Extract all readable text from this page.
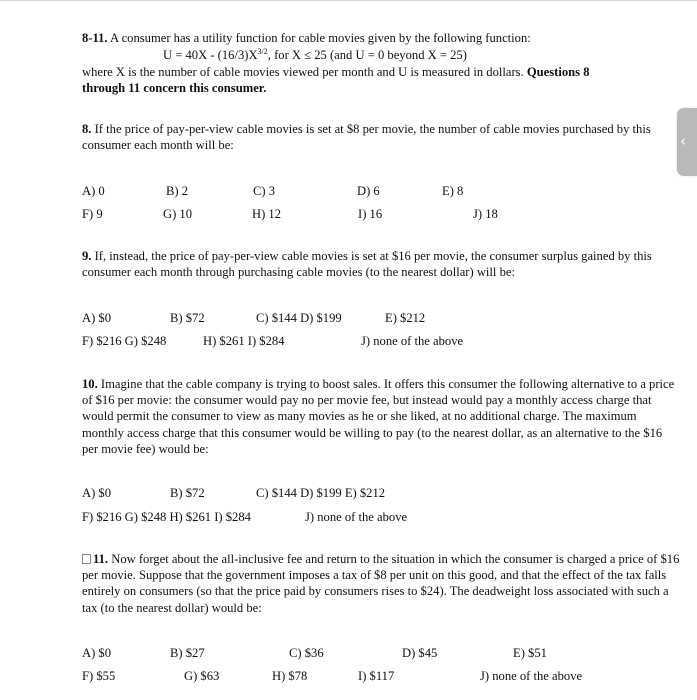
8-11. A consumer has a utility function for cable movies given by the following function:
$U = 40X - (16/3)X^{3/2}$, for X ≤ 25 (and U = 0 beyond X = 25)
where X is the number of cable movies viewed per month and U is measured in dollars. Questions 8
through 11 concern this consumer.
8. If the price of pay-per-view cable movies is set at $8 per movie, the number of cable movies purchased by this consumer each month will be:
A) 0	B) 2	C) 3	D) 6	E) 8
F) 9	G) 10	H) 12	I) 16	J) 18
9. If, instead, the price of pay-per-view cable movies is set at $16 per movie, the consumer surplus gained by this consumer each month through purchasing cable movies (to the nearest dollar) will be:
A) $0	B) $72	C) $144 D) $199	E) $212
F) $216 G) $248	H) $261 I) $284	J) none of the above
10. Imagine that the cable company is trying to boost sales. It offers this consumer the following alternative to a price of $16 per movie: the consumer would pay no per movie fee, but instead would pay a monthly access charge that would permit the consumer to view as many movies as he or she liked, at no additional charge. The maximum monthly access charge that this consumer would be willing to pay (to the nearest dollar, as an alternative to the $16 per movie fee) would be:
A) $0	B) $72	C) $144 D) $199 E) $212
F) $216 G) $248 H) $261 I) $284	J) none of the above
11. Now forget about the all-inclusive fee and return to the situation in which the consumer is charged a price of $16 per movie. Suppose that the government imposes a tax of $8 per unit on this good, and that the effect of the tax falls entirely on consumers (so that the price paid by consumers rises to $24). The deadweight loss associated with such a tax (to the nearest dollar) would be:
A) $0	B) $27	C) $36	D) $45	E) $51
F) $55	G) $63	H) $78	I) $117	J) none of the above
‹
